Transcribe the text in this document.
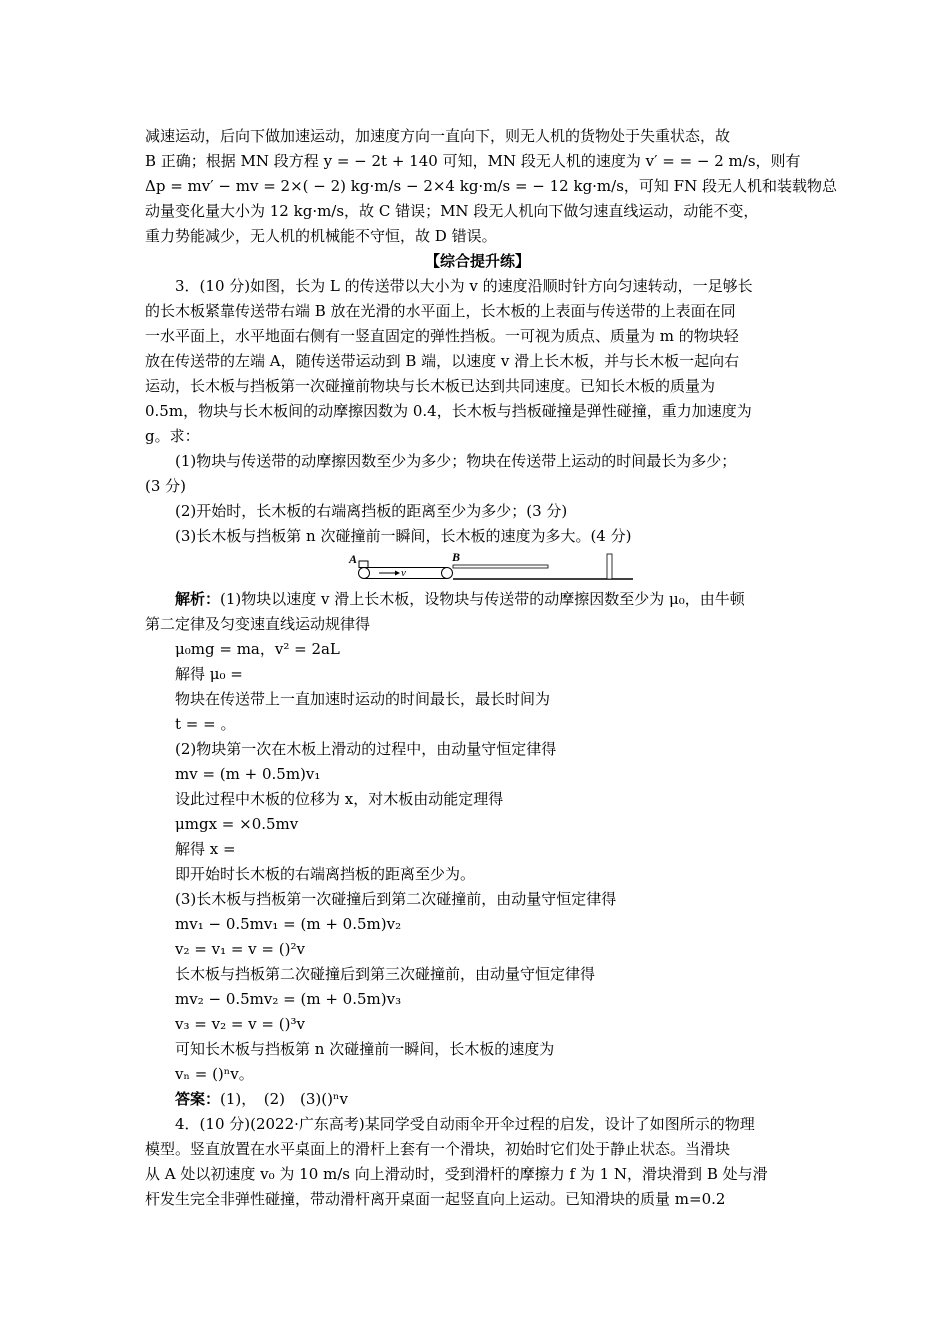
减速运动，后向下做加速运动，加速度方向一直向下，则无人机的货物处于失重状态，故

B 正确；根据 MN 段方程 y = − 2t + 140 可知，MN 段无人机的速度为 v′ = = − 2 m/s，则有

Δp = mv′ − mv = 2×( − 2) kg·m/s − 2×4 kg·m/s = − 12 kg·m/s，可知 FN 段无人机和装载物总

动量变化量大小为 12 kg·m/s，故 C 错误；MN 段无人机向下做匀速直线运动，动能不变，

重力势能减少，无人机的机械能不守恒，故 D 错误。

【综合提升练】

3．(10 分)如图，长为 L 的传送带以大小为 v 的速度沿顺时针方向匀速转动，一足够长

的长木板紧靠传送带右端 B 放在光滑的水平面上，长木板的上表面与传送带的上表面在同

一水平面上，水平地面右侧有一竖直固定的弹性挡板。一可视为质点、质量为 m 的物块轻

放在传送带的左端 A，随传送带运动到 B 端，以速度 v 滑上长木板，并与长木板一起向右

运动，长木板与挡板第一次碰撞前物块与长木板已达到共同速度。已知长木板的质量为

0.5m，物块与长木板间的动摩擦因数为 0.4，长木板与挡板碰撞是弹性碰撞，重力加速度为

g。求：

(1)物块与传送带的动摩擦因数至少为多少；物块在传送带上运动的时间最长为多少；

(3 分)

(2)开始时，长木板的右端离挡板的距离至少为多少；(3 分)

(3)长木板与挡板第 n 次碰撞前一瞬间，长木板的速度为多大。(4 分)

v
A	B

解析：(1)物块以速度 v 滑上长木板，设物块与传送带的动摩擦因数至少为 μ₀，由牛顿

第二定律及匀变速直线运动规律得

μ₀mg = ma，v² = 2aL

解得 μ₀ =

物块在传送带上一直加速时运动的时间最长，最长时间为

t = = 。

(2)物块第一次在木板上滑动的过程中，由动量守恒定律得

mv = (m + 0.5m)v₁

设此过程中木板的位移为 x，对木板由动能定理得

μmgx = ×0.5mv

解得 x =

即开始时长木板的右端离挡板的距离至少为。

(3)长木板与挡板第一次碰撞后到第二次碰撞前，由动量守恒定律得

mv₁ − 0.5mv₁ = (m + 0.5m)v₂

v₂ = v₁ = v = ()²v

长木板与挡板第二次碰撞后到第三次碰撞前，由动量守恒定律得

mv₂ − 0.5mv₂ = (m + 0.5m)v₃

v₃ = v₂ = v = ()³v

可知长木板与挡板第 n 次碰撞前一瞬间，长木板的速度为

vₙ = ()ⁿv。

答案：(1)，　(2)　(3)()ⁿv

4．(10 分)(2022·广东高考)某同学受自动雨伞开伞过程的启发，设计了如图所示的物理

模型。竖直放置在水平桌面上的滑杆上套有一个滑块，初始时它们处于静止状态。当滑块

从 A 处以初速度 v₀ 为 10 m/s 向上滑动时，受到滑杆的摩擦力 f 为 1 N，滑块滑到 B 处与滑

杆发生完全非弹性碰撞，带动滑杆离开桌面一起竖直向上运动。已知滑块的质量 m=0.2
